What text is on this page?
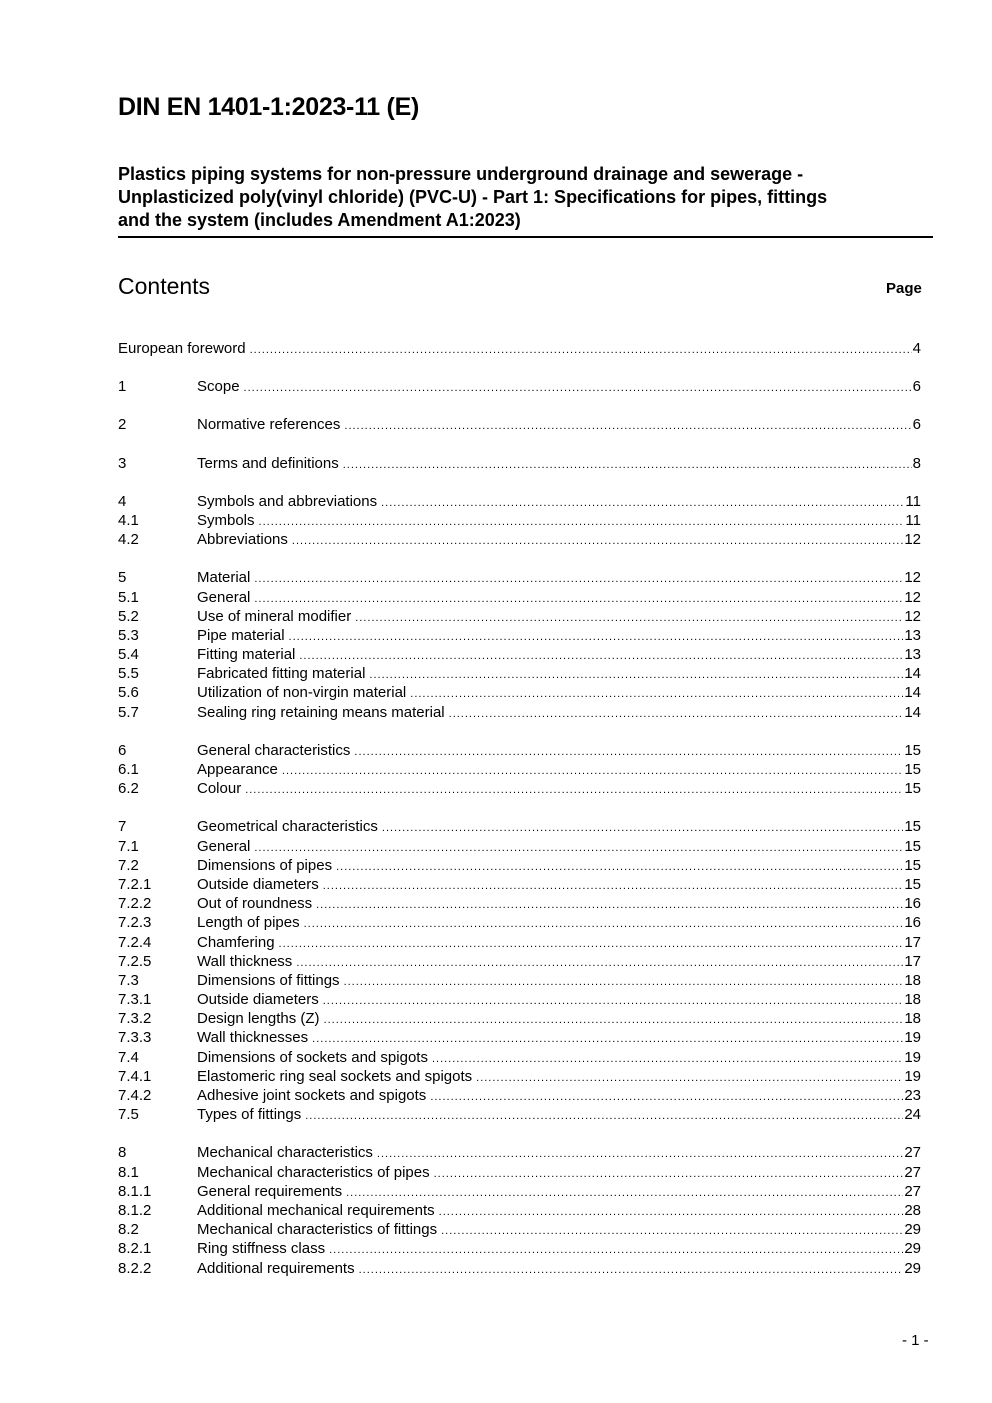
DIN EN 1401-1:2023-11 (E)
Plastics piping systems for non-pressure underground drainage and sewerage -
Unplasticized poly(vinyl chloride) (PVC-U) - Part 1: Specifications for pipes, fittings
and the system (includes Amendment A1:2023)
Contents	Page
European foreword .....	4
1	Scope .....	6
2	Normative references .....	6
3	Terms and definitions .....	8
4	Symbols and abbreviations .....	11
4.1	Symbols .....	11
4.2	Abbreviations .....	12
5	Material .....	12
5.1	General .....	12
5.2	Use of mineral modifier .....	12
5.3	Pipe material .....	13
5.4	Fitting material .....	13
5.5	Fabricated fitting material .....	14
5.6	Utilization of non-virgin material .....	14
5.7	Sealing ring retaining means material .....	14
6	General characteristics .....	15
6.1	Appearance .....	15
6.2	Colour .....	15
7	Geometrical characteristics .....	15
7.1	General .....	15
7.2	Dimensions of pipes .....	15
7.2.1	Outside diameters .....	15
7.2.2	Out of roundness .....	16
7.2.3	Length of pipes .....	16
7.2.4	Chamfering .....	17
7.2.5	Wall thickness .....	17
7.3	Dimensions of fittings .....	18
7.3.1	Outside diameters .....	18
7.3.2	Design lengths (Z) .....	18
7.3.3	Wall thicknesses .....	19
7.4	Dimensions of sockets and spigots .....	19
7.4.1	Elastomeric ring seal sockets and spigots .....	19
7.4.2	Adhesive joint sockets and spigots .....	23
7.5	Types of fittings .....	24
8	Mechanical characteristics .....	27
8.1	Mechanical characteristics of pipes .....	27
8.1.1	General requirements .....	27
8.1.2	Additional mechanical requirements .....	28
8.2	Mechanical characteristics of fittings .....	29
8.2.1	Ring stiffness class .....	29
8.2.2	Additional requirements .....	29
- 1 -
